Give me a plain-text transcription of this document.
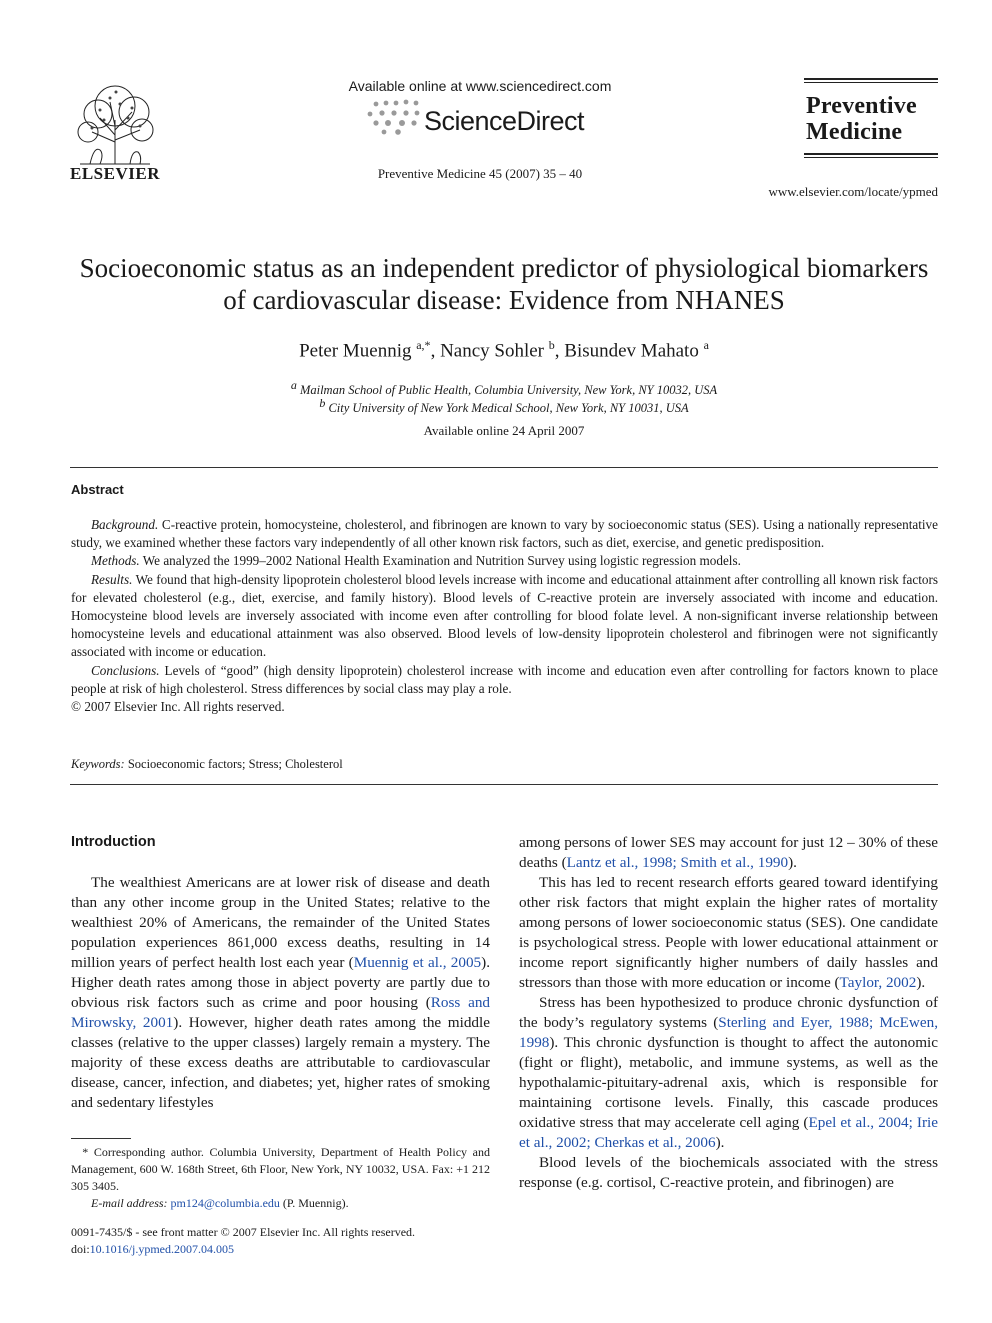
ELSEVIER
Available online at www.sciencedirect.com
ScienceDirect
Preventive Medicine 45 (2007) 35 – 40
Preventive Medicine
www.elsevier.com/locate/ypmed
Socioeconomic status as an independent predictor of physiological biomarkers of cardiovascular disease: Evidence from NHANES
Peter Muennig $^{a,*}$, Nancy Sohler $^b$, Bisundev Mahato $^a$
$^a$ Mailman School of Public Health, Columbia University, New York, NY 10032, USA
$^b$ City University of New York Medical School, New York, NY 10031, USA
Available online 24 April 2007
Abstract

Background. C-reactive protein, homocysteine, cholesterol, and fibrinogen are known to vary by socioeconomic status (SES). Using a nationally representative study, we examined whether these factors vary independently of all other known risk factors, such as diet, exercise, and genetic predisposition.

Methods. We analyzed the 1999–2002 National Health Examination and Nutrition Survey using logistic regression models.

Results. We found that high-density lipoprotein cholesterol blood levels increase with income and educational attainment after controlling all known risk factors for elevated cholesterol (e.g., diet, exercise, and family history). Blood levels of C-reactive protein are inversely associated with income and education. Homocysteine blood levels are inversely associated with income even after controlling for blood folate level. A non-significant inverse relationship between homocysteine levels and educational attainment was also observed. Blood levels of low-density lipoprotein cholesterol and fibrinogen were not significantly associated with income or education.

Conclusions. Levels of “good” (high density lipoprotein) cholesterol increase with income and education even after controlling for factors known to place people at risk of high cholesterol. Stress differences by social class may play a role.

© 2007 Elsevier Inc. All rights reserved.

Keywords: Socioeconomic factors; Stress; Cholesterol
Introduction

The wealthiest Americans are at lower risk of disease and death than any other income group in the United States; relative to the wealthiest 20% of Americans, the remainder of the United States population experiences 861,000 excess deaths, resulting in 14 million years of perfect health lost each year (Muennig et al., 2005). Higher death rates among those in abject poverty are partly due to obvious risk factors such as crime and poor housing (Ross and Mirowsky, 2001). However, higher death rates among the middle classes (relative to the upper classes) largely remain a mystery. The majority of these excess deaths are attributable to cardiovascular disease, cancer, infection, and diabetes; yet, higher rates of smoking and sedentary lifestyles

among persons of lower SES may account for just 12 – 30% of these deaths (Lantz et al., 1998; Smith et al., 1990).

This has led to recent research efforts geared toward identifying other risk factors that might explain the higher rates of mortality among persons of lower socioeconomic status (SES). One candidate is psychological stress. People with lower educational attainment or income report significantly higher numbers of daily hassles and stressors than those with more education or income (Taylor, 2002).

Stress has been hypothesized to produce chronic dysfunction of the body’s regulatory systems (Sterling and Eyer, 1988; McEwen, 1998). This chronic dysfunction is thought to affect the autonomic (fight or flight), metabolic, and immune systems, as well as the hypothalamic-pituitary-adrenal axis, which is responsible for maintaining cortisone levels. Finally, this cascade produces oxidative stress that may accelerate cell aging (Epel et al., 2004; Irie et al., 2002; Cherkas et al., 2006).

Blood levels of the biochemicals associated with the stress response (e.g. cortisol, C-reactive protein, and fibrinogen) are

* Corresponding author. Columbia University, Department of Health Policy and Management, 600 W. 168th Street, 6th Floor, New York, NY 10032, USA. Fax: +1 212 305 3405.
E-mail address: pm124@columbia.edu (P. Muennig).
0091-7435/$ - see front matter © 2007 Elsevier Inc. All rights reserved.
doi:10.1016/j.ypmed.2007.04.005
